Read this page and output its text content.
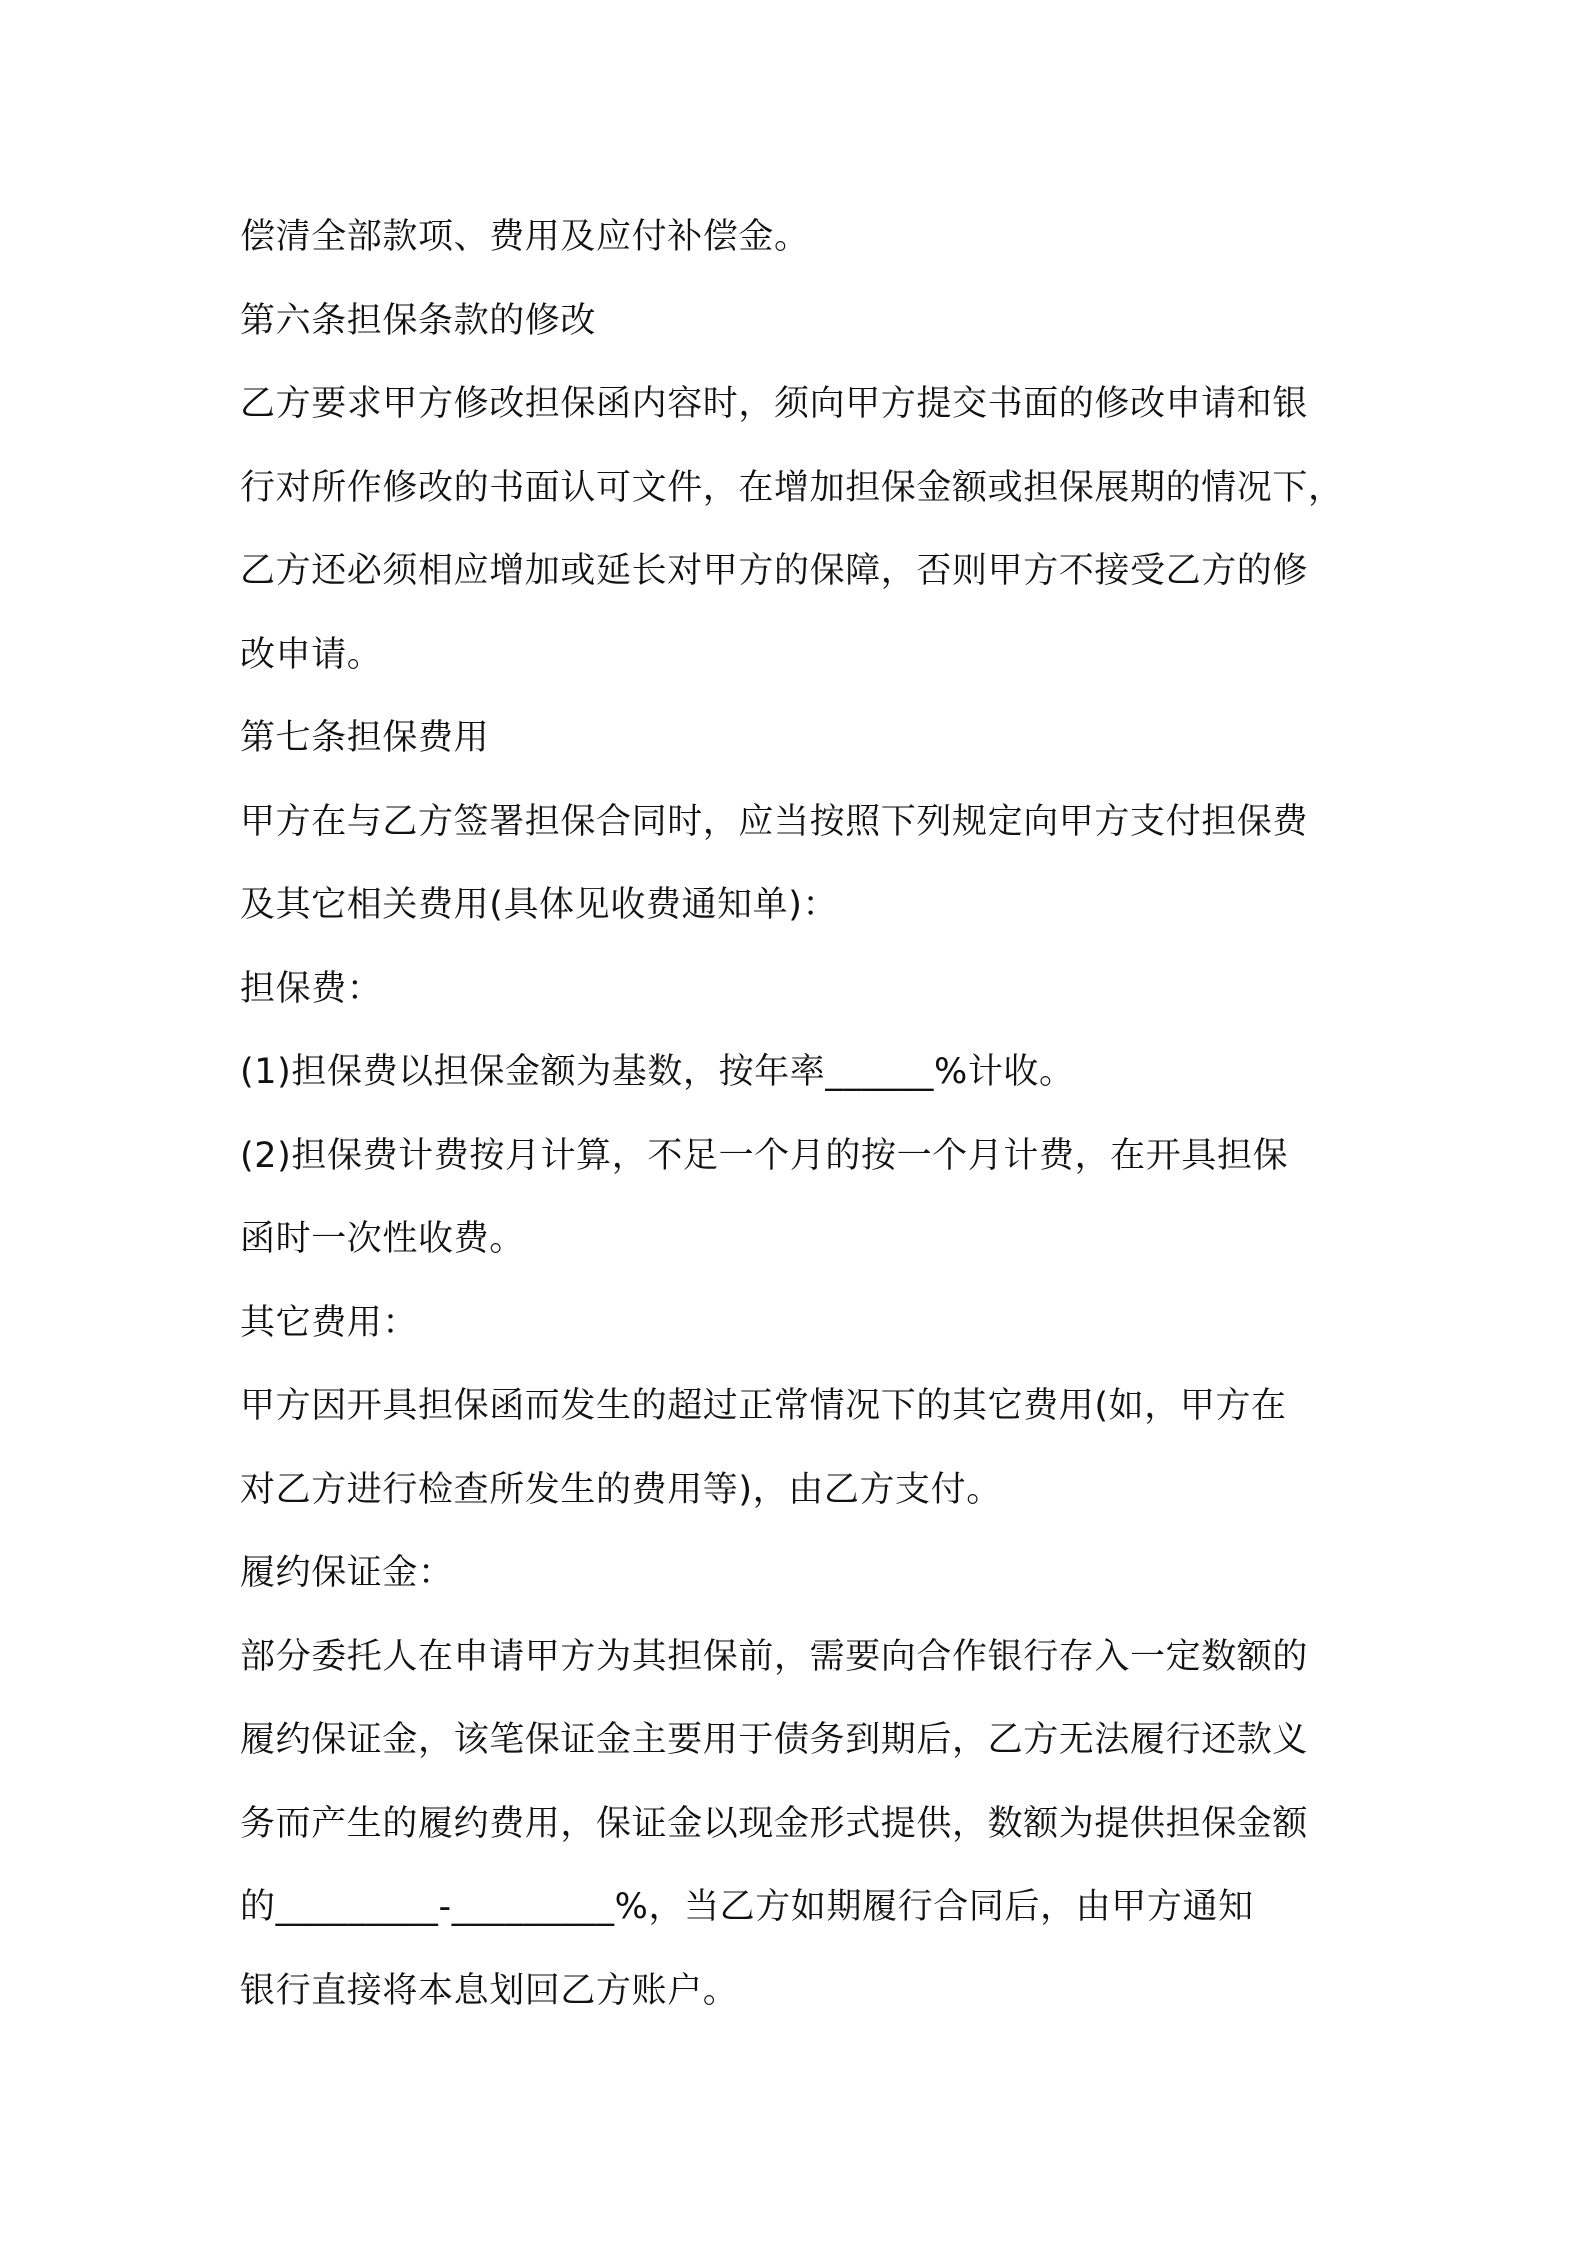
偿清全部款项、费用及应付补偿金。

第六条担保条款的修改

乙方要求甲方修改担保函内容时，须向甲方提交书面的修改申请和银

行对所作修改的书面认可文件，在增加担保金额或担保展期的情况下，

乙方还必须相应增加或延长对甲方的保障，否则甲方不接受乙方的修

改申请。

第七条担保费用

甲方在与乙方签署担保合同时，应当按照下列规定向甲方支付担保费

及其它相关费用(具体见收费通知单)：

担保费：

(1)担保费以担保金额为基数，按年率______%计收。

(2)担保费计费按月计算，不足一个月的按一个月计费，在开具担保

函时一次性收费。

其它费用：

甲方因开具担保函而发生的超过正常情况下的其它费用(如，甲方在

对乙方进行检查所发生的费用等)，由乙方支付。

履约保证金：

部分委托人在申请甲方为其担保前，需要向合作银行存入一定数额的

履约保证金，该笔保证金主要用于债务到期后，乙方无法履行还款义

务而产生的履约费用，保证金以现金形式提供，数额为提供担保金额

的_________-_________%，当乙方如期履行合同后，由甲方通知

银行直接将本息划回乙方账户。
